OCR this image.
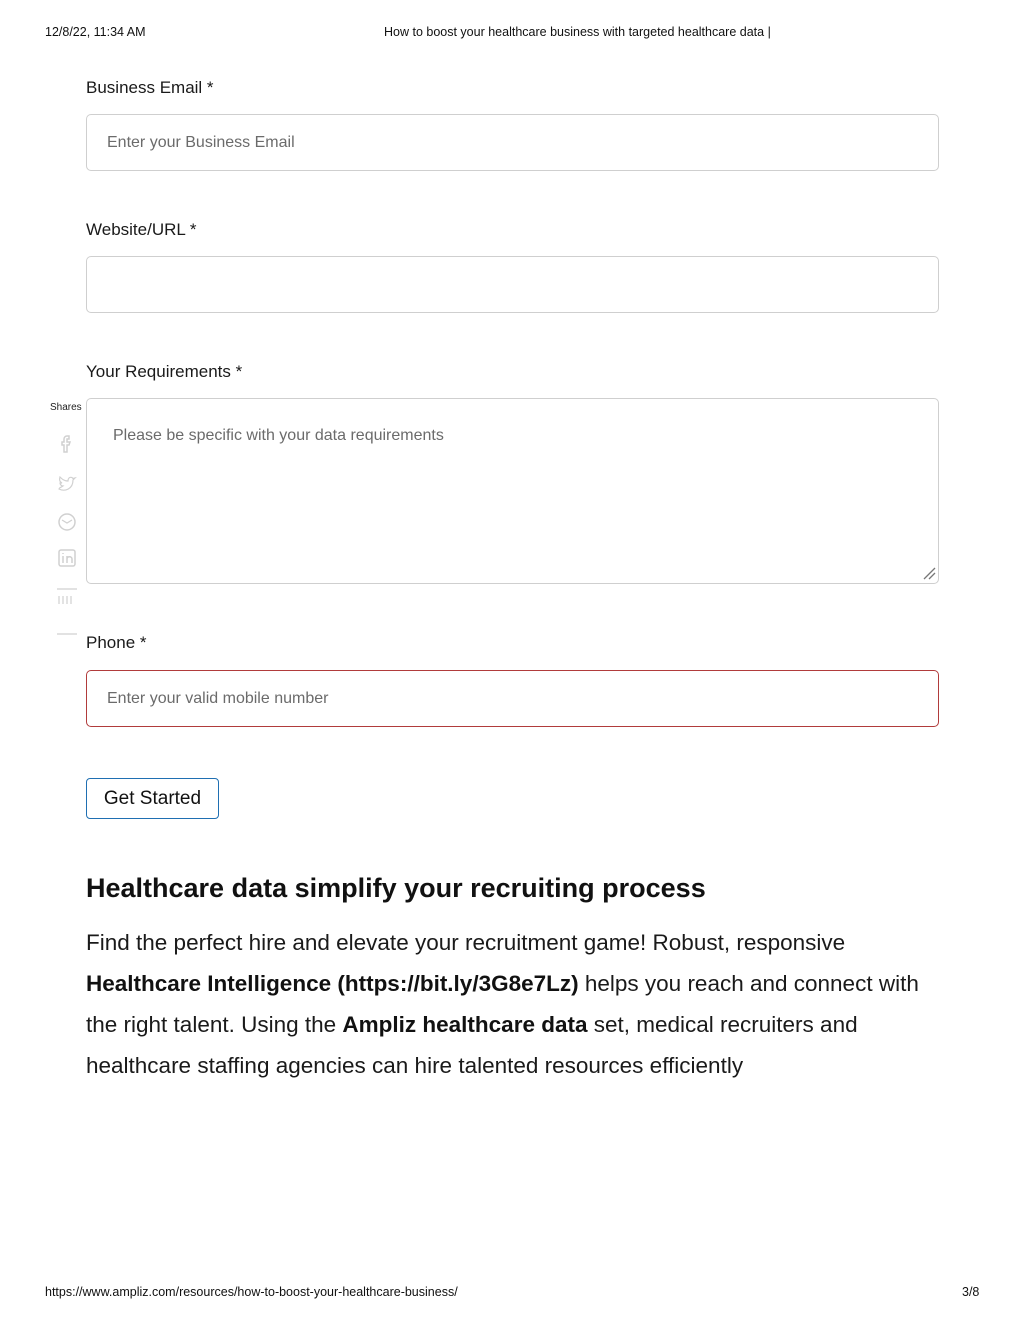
12/8/22, 11:34 AM	How to boost your healthcare business with targeted healthcare data |
Shares
Business Email *
Enter your Business Email
Website/URL *
Your Requirements *
Please be specific with your data requirements
Phone *
Enter your valid mobile number
Get Started
Healthcare data simplify your recruiting process

Find the perfect hire and elevate your recruitment game! Robust, responsive Healthcare Intelligence (https://bit.ly/3G8e7Lz) helps you reach and connect with the right talent. Using the Ampliz healthcare data set, medical recruiters and healthcare staffing agencies can hire talented resources efficiently

https://www.ampliz.com/resources/how-to-boost-your-healthcare-business/	3/8
